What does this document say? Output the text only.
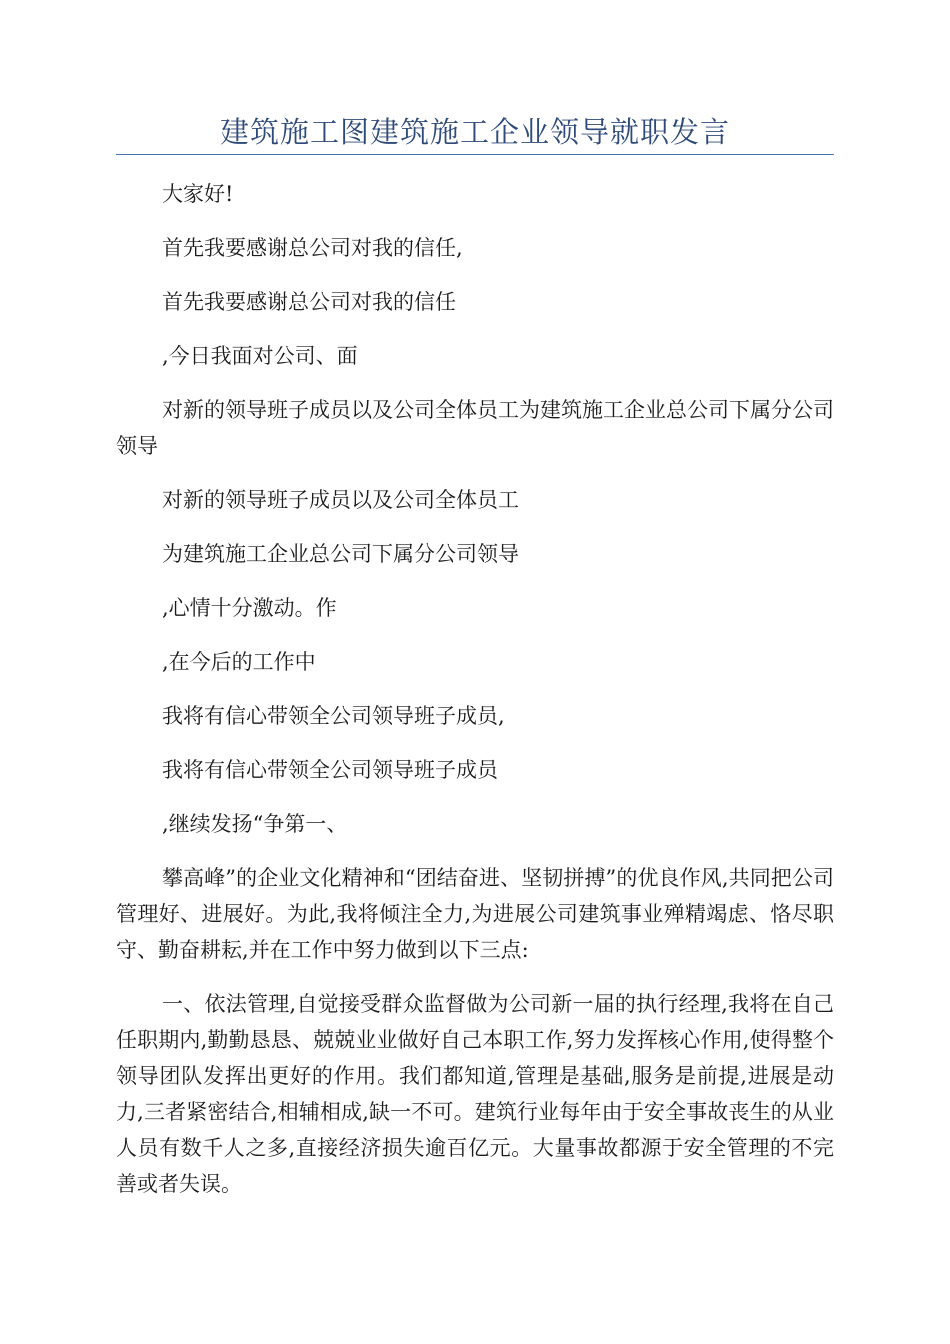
建筑施工图建筑施工企业领导就职发言

大家好!

首先我要感谢总公司对我的信任,

首先我要感谢总公司对我的信任

,今日我面对公司、面

对新的领导班子成员以及公司全体员工为建筑施工企业总公司下属分公司领导

对新的领导班子成员以及公司全体员工

为建筑施工企业总公司下属分公司领导

,心情十分激动。作

,在今后的工作中

我将有信心带领全公司领导班子成员,

我将有信心带领全公司领导班子成员

,继续发扬“争第一、

攀高峰”的企业文化精神和“团结奋进、坚韧拼搏”的优良作风,共同把公司管理好、进展好。为此,我将倾注全力,为进展公司建筑事业殚精竭虑、恪尽职守、勤奋耕耘,并在工作中努力做到以下三点:

一、依法管理,自觉接受群众监督做为公司新一届的执行经理,我将在自己任职期内,勤勤恳恳、兢兢业业做好自己本职工作,努力发挥核心作用,使得整个领导团队发挥出更好的作用。我们都知道,管理是基础,服务是前提,进展是动力,三者紧密结合,相辅相成,缺一不可。建筑行业每年由于安全事故丧生的从业人员有数千人之多,直接经济损失逾百亿元。大量事故都源于安全管理的不完善或者失误。
